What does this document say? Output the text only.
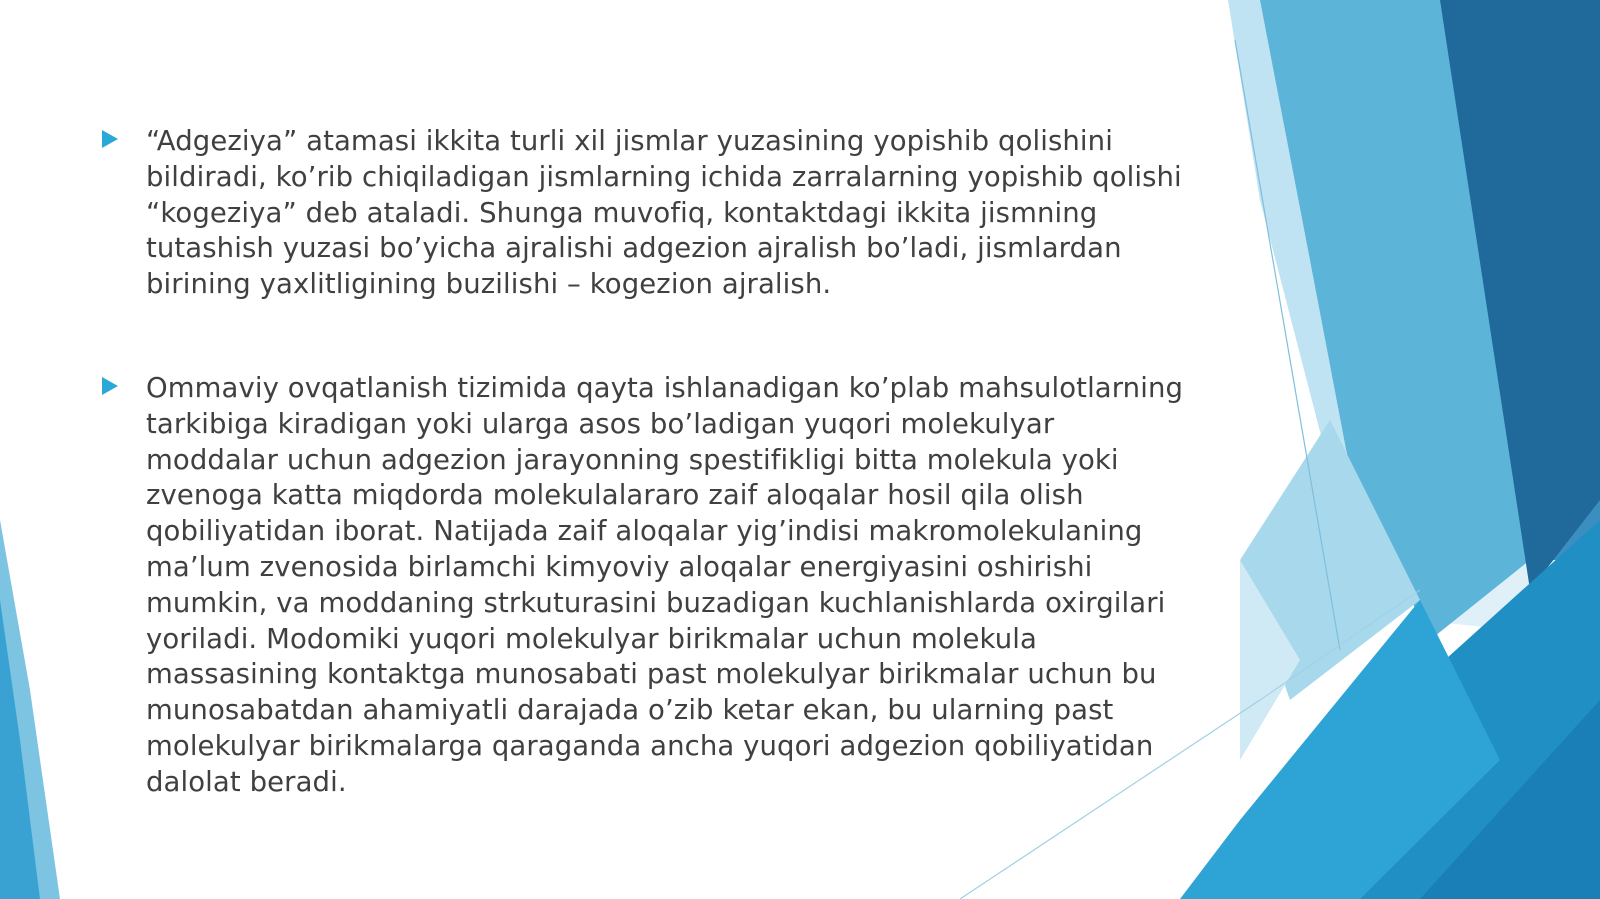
“Adgeziya” atamasi ikkita turli xil jismlar yuzasining yopishib qolishini
bildiradi, ko’rib chiqiladigan jismlarning ichida zarralarning yopishib qolishi
“kogeziya” deb ataladi. Shunga muvofiq, kontaktdagi ikkita jismning
tutashish yuzasi bo’yicha ajralishi adgezion ajralish bo’ladi, jismlardan
birining yaxlitligining buzilishi – kogezion ajralish.
Ommaviy ovqatlanish tizimida qayta ishlanadigan ko’plab mahsulotlarning
tarkibiga kiradigan yoki ularga asos bo’ladigan yuqori molekulyar
moddalar uchun adgezion jarayonning spestifikligi bitta molekula yoki
zvenoga katta miqdorda molekulalararo zaif aloqalar hosil qila olish
qobiliyatidan iborat. Natijada zaif aloqalar yig’indisi makromolekulaning
ma’lum zvenosida birlamchi kimyoviy aloqalar energiyasini oshirishi
mumkin, va moddaning strkuturasini buzadigan kuchlanishlarda oxirgilari
yoriladi. Modomiki yuqori molekulyar birikmalar uchun molekula
massasining kontaktga munosabati past molekulyar birikmalar uchun bu
munosabatdan ahamiyatli darajada o’zib ketar ekan, bu ularning past
molekulyar birikmalarga qaraganda ancha yuqori adgezion qobiliyatidan
dalolat beradi.
